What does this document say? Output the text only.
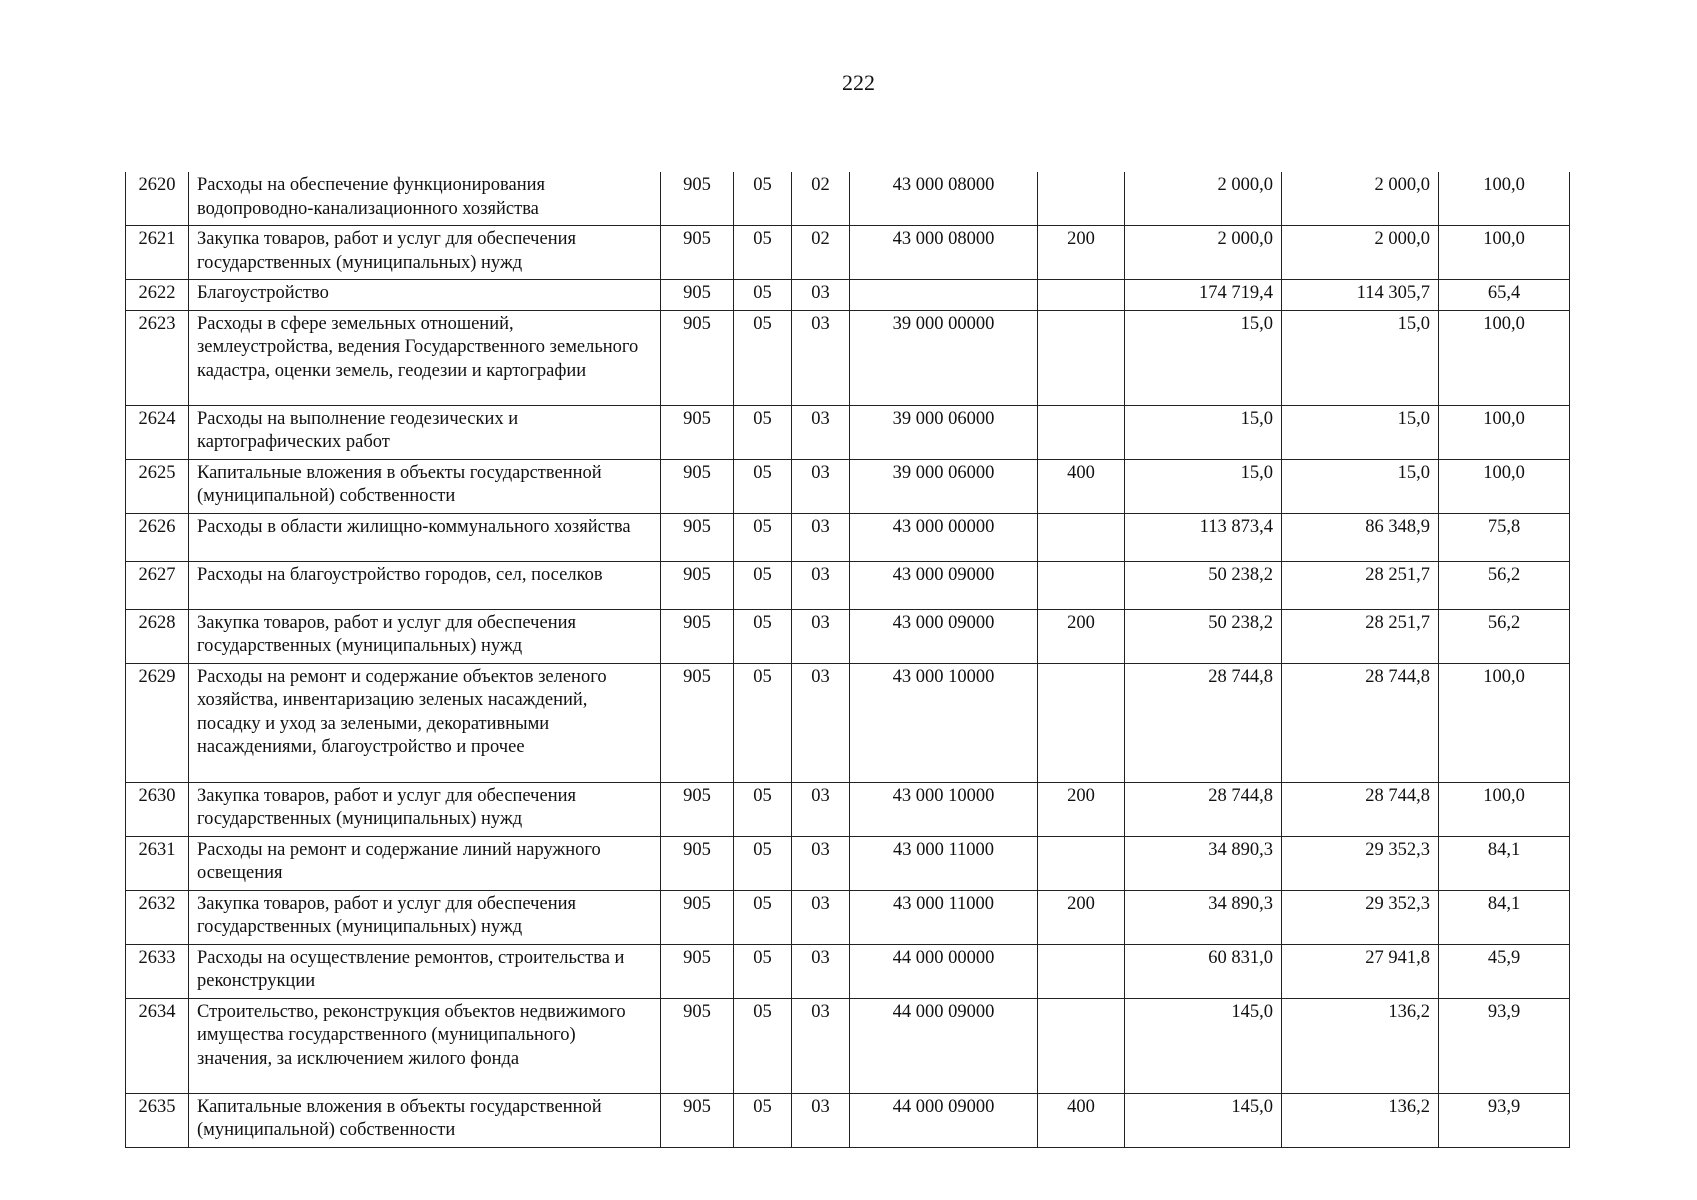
222
2620	Расходы на обеспечение функционирования водопроводно-канализационного хозяйства	905	05	02	43 000 08000		2 000,0	2 000,0	100,0
2621	Закупка товаров, работ и услуг для обеспечения государственных (муниципальных) нужд	905	05	02	43 000 08000	200	2 000,0	2 000,0	100,0
2622	Благоустройство	905	05	03			174 719,4	114 305,7	65,4
2623	Расходы в сфере земельных отношений, землеустройства, ведения Государственного земельного кадастра, оценки земель, геодезии и картографии	905	05	03	39 000 00000		15,0	15,0	100,0
2624	Расходы на выполнение геодезических и картографических работ	905	05	03	39 000 06000		15,0	15,0	100,0
2625	Капитальные вложения в объекты государственной (муниципальной) собственности	905	05	03	39 000 06000	400	15,0	15,0	100,0
2626	Расходы в области жилищно-коммунального хозяйства	905	05	03	43 000 00000		113 873,4	86 348,9	75,8
2627	Расходы на благоустройство городов, сел, поселков	905	05	03	43 000 09000		50 238,2	28 251,7	56,2
2628	Закупка товаров, работ и услуг для обеспечения государственных (муниципальных) нужд	905	05	03	43 000 09000	200	50 238,2	28 251,7	56,2
2629	Расходы на ремонт и содержание объектов зеленого хозяйства, инвентаризацию зеленых насаждений, посадку и уход за зелеными, декоративными насаждениями, благоустройство и прочее	905	05	03	43 000 10000		28 744,8	28 744,8	100,0
2630	Закупка товаров, работ и услуг для обеспечения государственных (муниципальных) нужд	905	05	03	43 000 10000	200	28 744,8	28 744,8	100,0
2631	Расходы на ремонт и содержание линий наружного освещения	905	05	03	43 000 11000		34 890,3	29 352,3	84,1
2632	Закупка товаров, работ и услуг для обеспечения государственных (муниципальных) нужд	905	05	03	43 000 11000	200	34 890,3	29 352,3	84,1
2633	Расходы на осуществление ремонтов, строительства и реконструкции	905	05	03	44 000 00000		60 831,0	27 941,8	45,9
2634	Строительство, реконструкция объектов недвижимого имущества государственного (муниципального) значения, за исключением жилого фонда	905	05	03	44 000 09000		145,0	136,2	93,9
2635	Капитальные вложения в объекты государственной (муниципальной) собственности	905	05	03	44 000 09000	400	145,0	136,2	93,9
